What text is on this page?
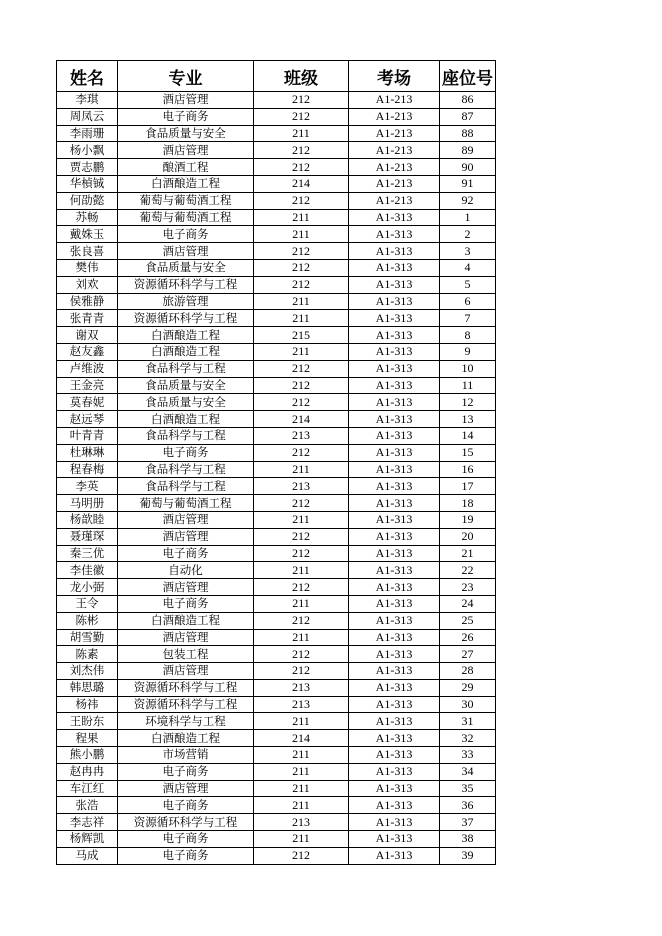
姓名	专业	班级	考场	座位号
李琪	酒店管理	212	A1-213	86
周凤云	电子商务	212	A1-213	87
李雨珊	食品质量与安全	211	A1-213	88
杨小飘	酒店管理	212	A1-213	89
贾志鹏	酿酒工程	212	A1-213	90
华楨铖	白酒酿造工程	214	A1-213	91
何劭懿	葡萄与葡萄酒工程	212	A1-213	92
苏畅	葡萄与葡萄酒工程	211	A1-313	1
戴姝玉	电子商务	211	A1-313	2
张良喜	酒店管理	212	A1-313	3
樊伟	食品质量与安全	212	A1-313	4
刘欢	资源循环科学与工程	212	A1-313	5
侯雅静	旅游管理	211	A1-313	6
张青青	资源循环科学与工程	211	A1-313	7
谢双	白酒酿造工程	215	A1-313	8
赵友鑫	白酒酿造工程	211	A1-313	9
卢维波	食品科学与工程	212	A1-313	10
王金亮	食品质量与安全	212	A1-313	11
莫春妮	食品质量与安全	212	A1-313	12
赵远琴	白酒酿造工程	214	A1-313	13
叶青青	食品科学与工程	213	A1-313	14
杜琳琳	电子商务	212	A1-313	15
程春梅	食品科学与工程	211	A1-313	16
李英	食品科学与工程	213	A1-313	17
马明册	葡萄与葡萄酒工程	212	A1-313	18
杨歆睦	酒店管理	211	A1-313	19
聂瑾琛	酒店管理	212	A1-313	20
秦三优	电子商务	212	A1-313	21
李佳徽	自动化	211	A1-313	22
龙小弼	酒店管理	212	A1-313	23
王令	电子商务	211	A1-313	24
陈彬	白酒酿造工程	212	A1-313	25
胡雪勤	酒店管理	211	A1-313	26
陈素	包装工程	212	A1-313	27
刘杰伟	酒店管理	212	A1-313	28
韩思璐	资源循环科学与工程	213	A1-313	29
杨祎	资源循环科学与工程	213	A1-313	30
王盼东	环境科学与工程	211	A1-313	31
程果	白酒酿造工程	214	A1-313	32
熊小鹏	市场营销	211	A1-313	33
赵冉冉	电子商务	211	A1-313	34
车江红	酒店管理	211	A1-313	35
张浩	电子商务	211	A1-313	36
李志祥	资源循环科学与工程	213	A1-313	37
杨辉凯	电子商务	211	A1-313	38
马成	电子商务	212	A1-313	39
